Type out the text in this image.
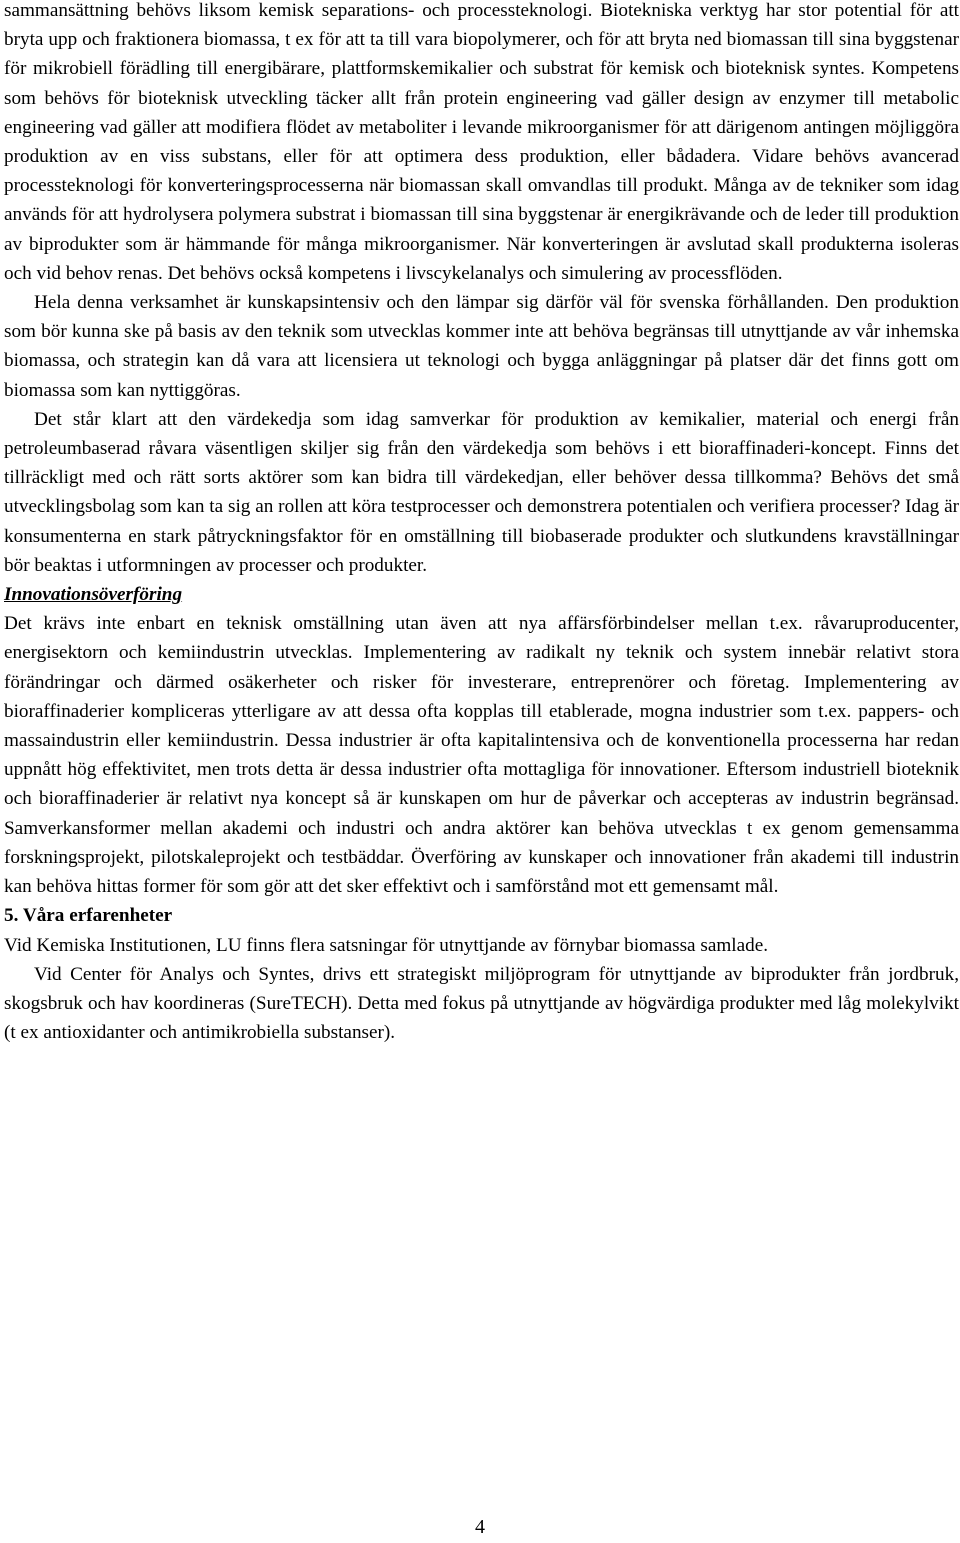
sammansättning behövs liksom kemisk separations- och processteknologi. Biotekniska verktyg har stor potential för att bryta upp och fraktionera biomassa, t ex för att ta till vara biopolymerer, och för att bryta ned biomassan till sina byggstenar för mikrobiell förädling till energibärare, plattformskemikalier och substrat för kemisk och bioteknisk syntes. Kompetens som behövs för bioteknisk utveckling täcker allt från protein engineering vad gäller design av enzymer till metabolic engineering vad gäller att modifiera flödet av metaboliter i levande mikroorganismer för att därigenom antingen möjliggöra produktion av en viss substans, eller för att optimera dess produktion, eller bådadera. Vidare behövs avancerad processteknologi för konverteringsprocesserna när biomassan skall omvandlas till produkt. Många av de tekniker som idag används för att hydrolysera polymera substrat i biomassan till sina byggstenar är energikrävande och de leder till produktion av biprodukter som är hämmande för många mikroorganismer. När konverteringen är avslutad skall produkterna isoleras och vid behov renas. Det behövs också kompetens i livscykelanalys och simulering av processflöden.

Hela denna verksamhet är kunskapsintensiv och den lämpar sig därför väl för svenska förhållanden. Den produktion som bör kunna ske på basis av den teknik som utvecklas kommer inte att behöva begränsas till utnyttjande av vår inhemska biomassa, och strategin kan då vara att licensiera ut teknologi och bygga anläggningar på platser där det finns gott om biomassa som kan nyttiggöras.

Det står klart att den värdekedja som idag samverkar för produktion av kemikalier, material och energi från petroleumbaserad råvara väsentligen skiljer sig från den värdekedja som behövs i ett bioraffinaderi-koncept. Finns det tillräckligt med och rätt sorts aktörer som kan bidra till värdekedjan, eller behöver dessa tillkomma? Behövs det små utvecklingsbolag som kan ta sig an rollen att köra testprocesser och demonstrera potentialen och verifiera processer? Idag är konsumenterna en stark påtryckningsfaktor för en omställning till biobaserade produkter och slutkundens kravställningar bör beaktas i utformningen av processer och produkter.

Innovationsöverföring

Det krävs inte enbart en teknisk omställning utan även att nya affärsförbindelser mellan t.ex. råvaruproducenter, energisektorn och kemiindustrin utvecklas. Implementering av radikalt ny teknik och system innebär relativt stora förändringar och därmed osäkerheter och risker för investerare, entreprenörer och företag. Implementering av bioraffinaderier kompliceras ytterligare av att dessa ofta kopplas till etablerade, mogna industrier som t.ex. pappers- och massaindustrin eller kemiindustrin. Dessa industrier är ofta kapitalintensiva och de konventionella processerna har redan uppnått hög effektivitet, men trots detta är dessa industrier ofta mottagliga för innovationer. Eftersom industriell bioteknik och bioraffinaderier är relativt nya koncept så är kunskapen om hur de påverkar och accepteras av industrin begränsad. Samverkansformer mellan akademi och industri och andra aktörer kan behöva utvecklas t ex genom gemensamma forskningsprojekt, pilotskaleprojekt och testbäddar. Överföring av kunskaper och innovationer från akademi till industrin kan behöva hittas former för som gör att det sker effektivt och i samförstånd mot ett gemensamt mål.

5. Våra erfarenheter

Vid Kemiska Institutionen, LU finns flera satsningar för utnyttjande av förnybar biomassa samlade.

Vid Center för Analys och Syntes, drivs ett strategiskt miljöprogram för utnyttjande av biprodukter från jordbruk, skogsbruk och hav koordineras (SureTECH). Detta med fokus på utnyttjande av högvärdiga produkter med låg molekylvikt (t ex antioxidanter och antimikrobiella substanser).

4
